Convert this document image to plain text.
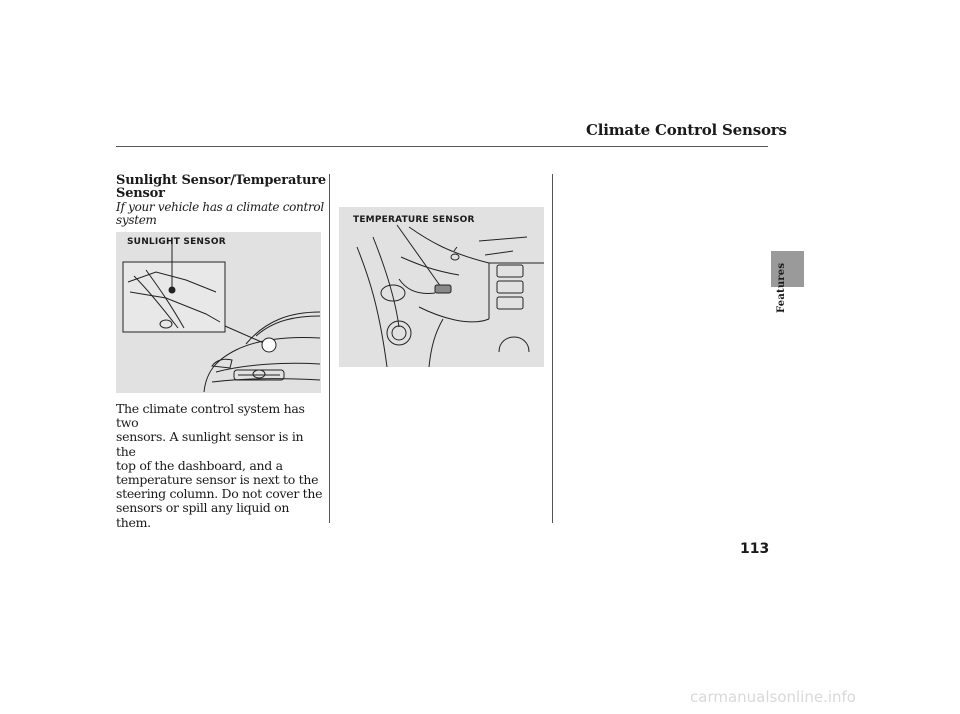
Climate Control Sensors
Sunlight Sensor/Temperature
Sensor
If your vehicle has a climate control
system
SUNLIGHT SENSOR
TEMPERATURE SENSOR
The climate control system has two
sensors. A sunlight sensor is in the
top of the dashboard, and a
temperature sensor is next to the
steering column. Do not cover the
sensors or spill any liquid on them.
Features
113
carmanualsonline.info
